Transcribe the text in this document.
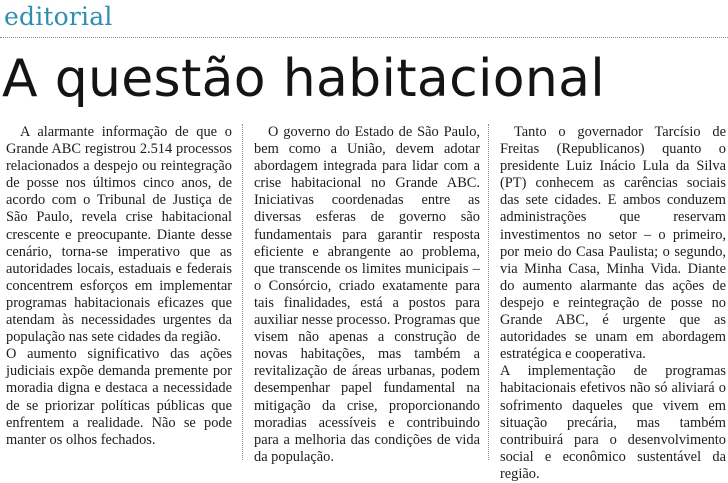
editorial
A questão habitacional

A alarmante informação de que o Grande ABC registrou 2.514 processos relacionados a despejo ou reintegração de posse nos últimos cinco anos, de acordo com o Tribunal de Justiça de São Paulo, revela crise habitacional crescente e preocupante. Diante desse cenário, torna-se imperativo que as autoridades locais, estaduais e federais concentrem esforços em implementar programas habitacionais eficazes que atendam às necessidades urgentes da população nas sete cidades da região.

O aumento significativo das ações judiciais expõe demanda premente por moradia digna e destaca a necessidade de se priorizar políticas públicas que enfrentem a realidade. Não se pode manter os olhos fechados.

O governo do Estado de São Paulo, bem como a União, devem adotar abordagem integrada para lidar com a crise habitacional no Grande ABC. Iniciativas coordenadas entre as diversas esferas de governo são fundamentais para garantir resposta eficiente e abrangente ao problema, que transcende os limites municipais – o Consórcio, criado exatamente para tais finalidades, está a postos para auxiliar nesse processo. Programas que visem não apenas a construção de novas habitações, mas também a revitalização de áreas urbanas, podem desempenhar papel fundamental na mitigação da crise, proporcionando moradias acessíveis e contribuindo para a melhoria das condições de vida da população.

Tanto o governador Tarcísio de Freitas (Republicanos) quanto o presidente Luiz Inácio Lula da Silva (PT) conhecem as carências sociais das sete cidades. E ambos conduzem administrações que reservam investimentos no setor – o primeiro, por meio do Casa Paulista; o segundo, via Minha Casa, Minha Vida. Diante do aumento alarmante das ações de despejo e reintegração de posse no Grande ABC, é urgente que as autoridades se unam em abordagem estratégica e cooperativa.

A implementação de programas habitacionais efetivos não só aliviará o sofrimento daqueles que vivem em situação precária, mas também contribuirá para o desenvolvimento social e econômico sustentável da região.
